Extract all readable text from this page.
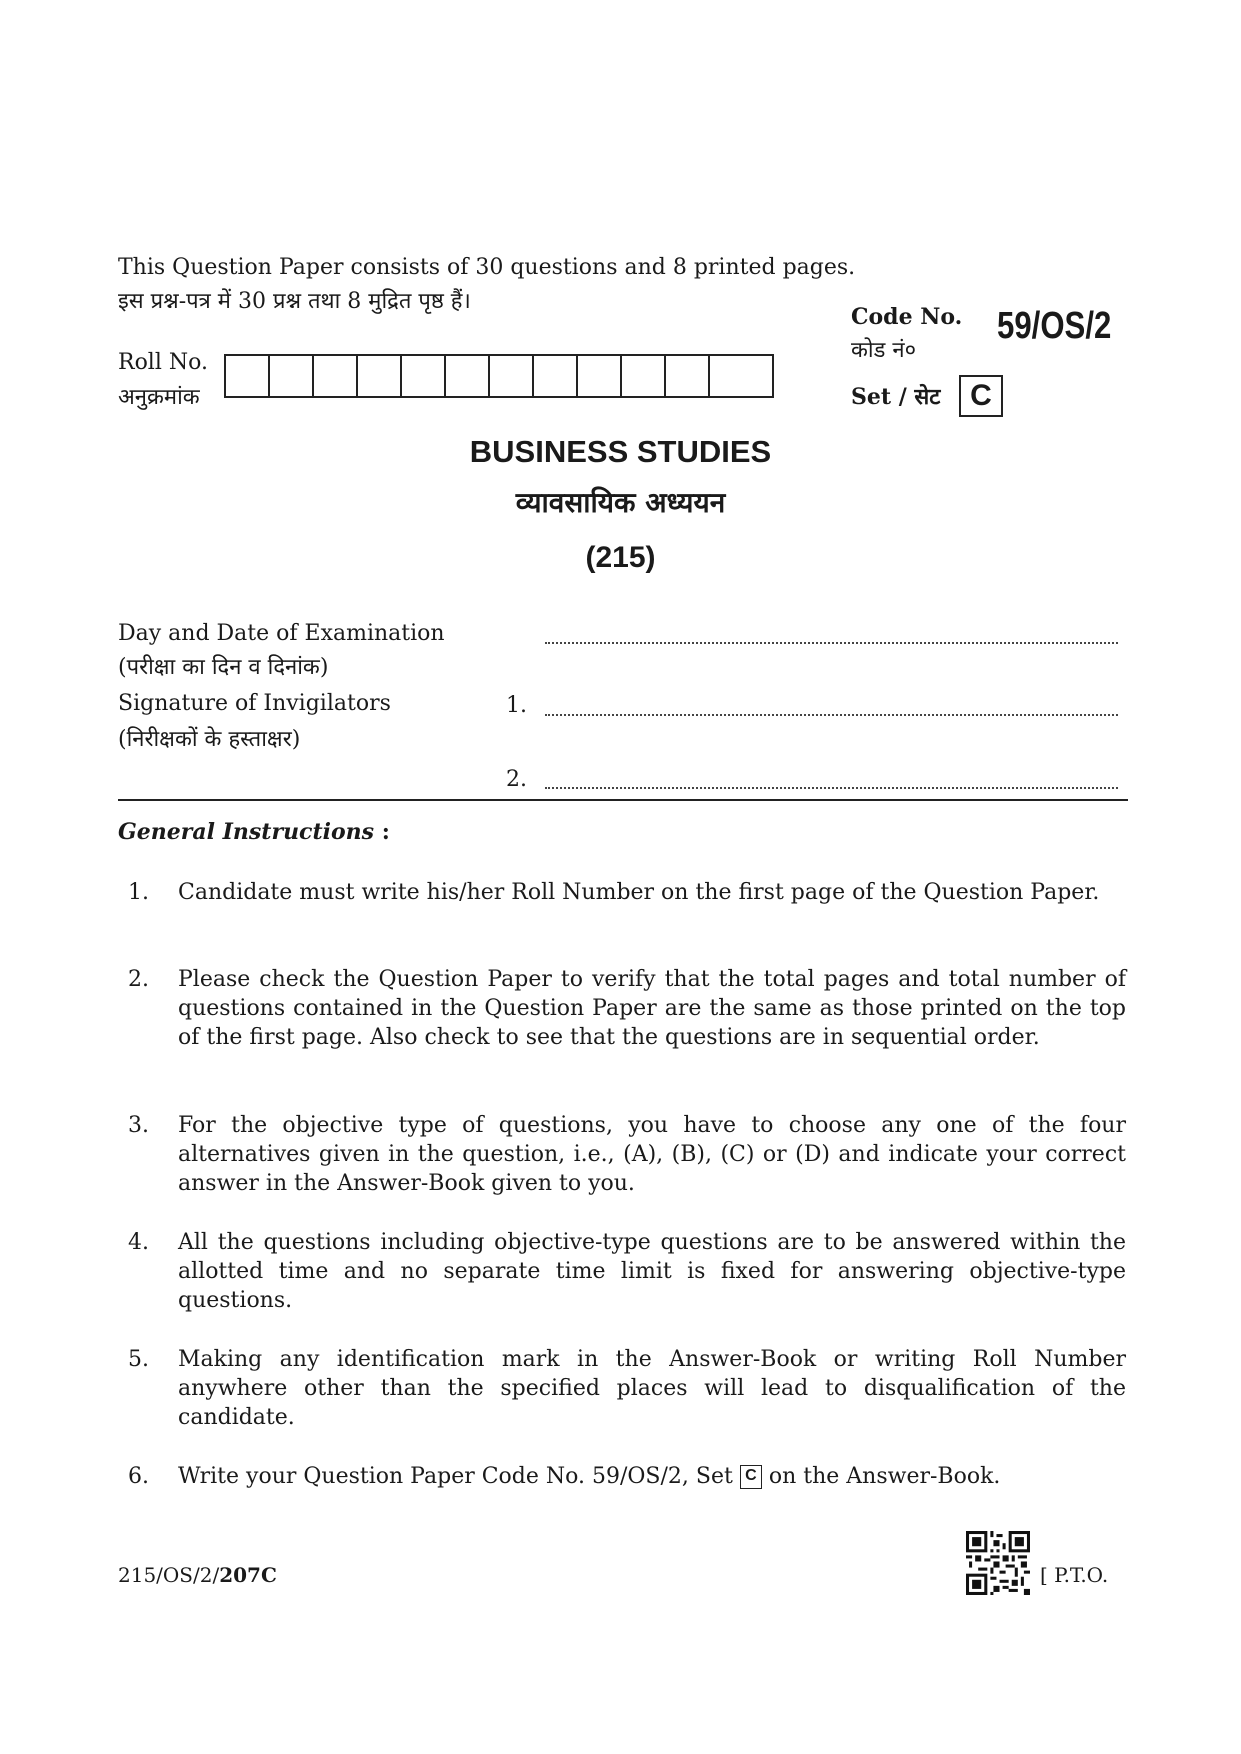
This Question Paper consists of 30 questions and 8 printed pages.
इस प्रश्न-पत्र में 30 प्रश्न तथा 8 मुद्रित पृष्ठ हैं।
Roll No.
अनुक्रमांक
Code No.
कोड नं०
59/OS/2
Set / सेट C
BUSINESS STUDIES
व्यावसायिक अध्ययन
(215)
Day and Date of Examination
(परीक्षा का दिन व दिनांक)
Signature of Invigilators	1.
(निरीक्षकों के हस्ताक्षर)
2.
General Instructions :
1. Candidate must write his/her Roll Number on the first page of the Question Paper.
2. Please check the Question Paper to verify that the total pages and total number of questions contained in the Question Paper are the same as those printed on the top of the first page. Also check to see that the questions are in sequential order.
3. For the objective type of questions, you have to choose any one of the four alternatives given in the question, i.e., (A), (B), (C) or (D) and indicate your correct answer in the Answer-Book given to you.
4. All the questions including objective-type questions are to be answered within the allotted time and no separate time limit is fixed for answering objective-type questions.
5. Making any identification mark in the Answer-Book or writing Roll Number anywhere other than the specified places will lead to disqualification of the candidate.
6. Write your Question Paper Code No. 59/OS/2, Set C on the Answer-Book.
215/OS/2/207C	[ P.T.O.
